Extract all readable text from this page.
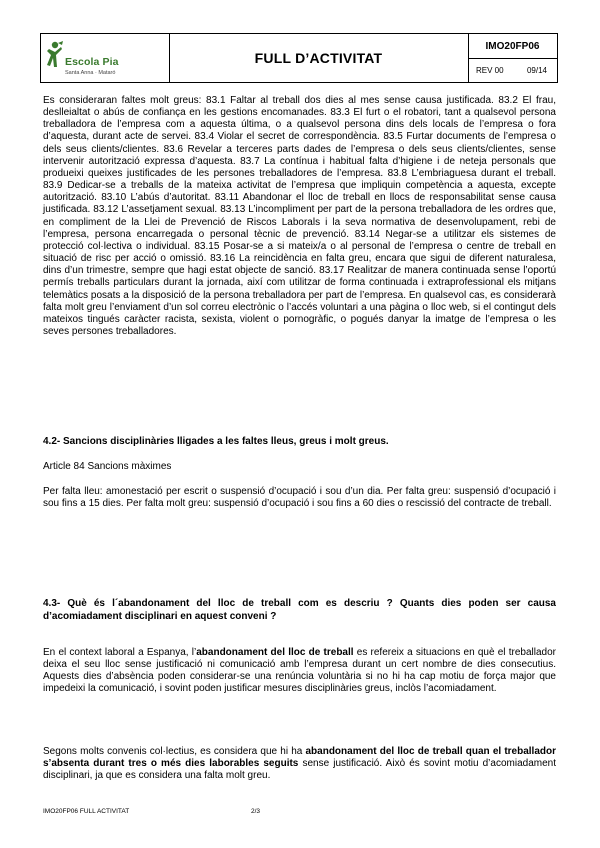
Escola Pia
Santa Anna · Mataró
FULL D’ACTIVITAT
IMO20FP06
REV 00	09/14
Es consideraran faltes molt greus: 83.1 Faltar al treball dos dies al mes sense causa justificada. 83.2 El frau, deslleialtat o abús de confiança en les gestions encomanades. 83.3 El furt o el robatori, tant a qualsevol persona treballadora de l’empresa com a aquesta última, o a qualsevol persona dins dels locals de l’empresa o fora d’aquesta, durant acte de servei. 83.4 Violar el secret de correspondència. 83.5 Furtar documents de l’empresa o dels seus clients/clientes. 83.6 Revelar a terceres parts dades de l’empresa o dels seus clients/clientes, sense intervenir autorització expressa d’aquesta. 83.7 La contínua i habitual falta d’higiene i de neteja personals que produeixi queixes justificades de les persones treballadores de l’empresa. 83.8 L’embriaguesa durant el treball. 83.9 Dedicar-se a treballs de la mateixa activitat de l’empresa que impliquin competència a aquesta, excepte autorització. 83.10 L’abús d’autoritat. 83.11 Abandonar el lloc de treball en llocs de responsabilitat sense causa justificada. 83.12 L’assetjament sexual. 83.13 L’incompliment per part de la persona treballadora de les ordres que, en compliment de la Llei de Prevenció de Riscos Laborals i la seva normativa de desenvolupament, rebi de l’empresa, persona encarregada o personal tècnic de prevenció. 83.14 Negar-se a utilitzar els sistemes de protecció col·lectiva o individual. 83.15 Posar-se a si mateix/a o al personal de l’empresa o centre de treball en situació de risc per acció o omissió. 83.16 La reincidència en falta greu, encara que sigui de diferent naturalesa, dins d’un trimestre, sempre que hagi estat objecte de sanció. 83.17 Realitzar de manera continuada sense l’oportú permís treballs particulars durant la jornada, així com utilitzar de forma continuada i extraprofessional els mitjans telemàtics posats a la disposició de la persona treballadora per part de l’empresa. En qualsevol cas, es considerarà falta molt greu l’enviament d’un sol correu electrònic o l’accés voluntari a una pàgina o lloc web, si el contingut dels mateixos tingués caràcter racista, sexista, violent o pornogràfic, o pogués danyar la imatge de l’empresa o les seves persones treballadores.
4.2- Sancions disciplinàries lligades a les faltes lleus, greus i molt greus.
Article 84 Sancions màximes
Per falta lleu: amonestació per escrit o suspensió d’ocupació i sou d’un dia. Per falta greu: suspensió d’ocupació i sou fins a 15 dies. Per falta molt greu: suspensió d’ocupació i sou fins a 60 dies o rescissió del contracte de treball.
4.3- Què és l´abandonament del lloc de treball com es descriu ? Quants dies poden ser causa d’acomiadament disciplinari en aquest conveni ?
En el context laboral a Espanya, l’abandonament del lloc de treball es refereix a situacions en què el treballador deixa el seu lloc sense justificació ni comunicació amb l’empresa durant un cert nombre de dies consecutius. Aquests dies d’absència poden considerar-se una renúncia voluntària si no hi ha cap motiu de força major que impedeixi la comunicació, i sovint poden justificar mesures disciplinàries greus, inclòs l’acomiadament.
Segons molts convenis col·lectius, es considera que hi ha abandonament del lloc de treball quan el treballador s’absenta durant tres o més dies laborables seguits sense justificació. Això és sovint motiu d’acomiadament disciplinari, ja que es considera una falta molt greu.
IMO20FP06 FULL ACTIVITAT	2/3
